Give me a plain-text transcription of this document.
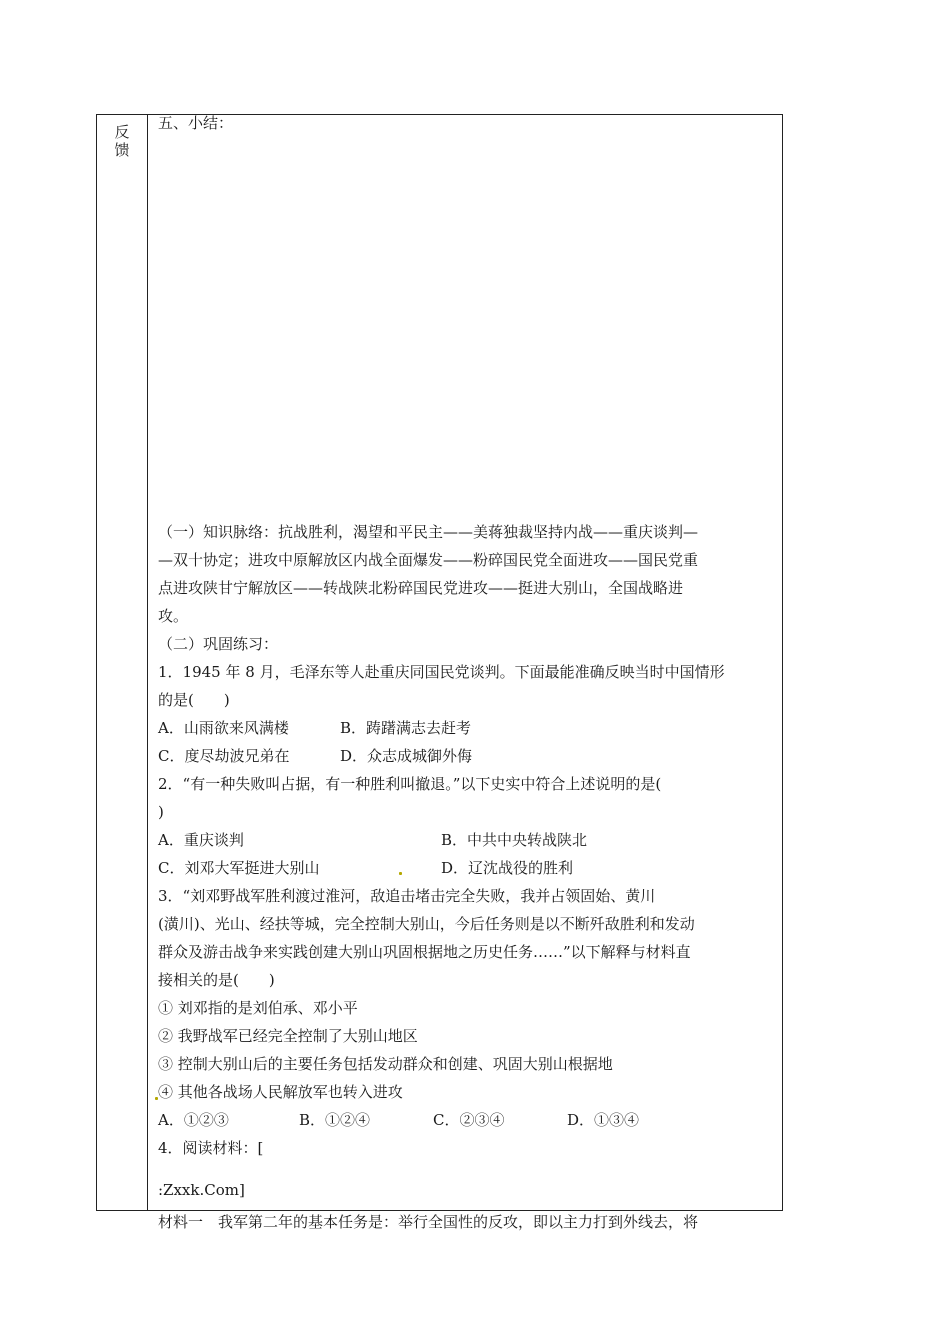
反
馈
五、小结：
（一）知识脉络：抗战胜利，渴望和平民主——美蒋独裁坚持内战——重庆谈判—
—双十协定；进攻中原解放区内战全面爆发——粉碎国民党全面进攻——国民党重
点进攻陕甘宁解放区——转战陕北粉碎国民党进攻——挺进大别山，全国战略进
攻。
（二）巩固练习：
1．1945 年 8 月，毛泽东等人赴重庆同国民党谈判。下面最能准确反映当时中国情形
的是(　　)
A．山雨欲来风满楼	B．踌躇满志去赶考
C．度尽劫波兄弟在	D．众志成城御外侮
2．“有一种失败叫占据，有一种胜利叫撤退。”以下史实中符合上述说明的是(
)
A．重庆谈判	B．中共中央转战陕北
C．刘邓大军挺进大别山	D．辽沈战役的胜利
3．“刘邓野战军胜利渡过淮河，敌追击堵击完全失败，我并占领固始、黄川
(潢川)、光山、经扶等城，完全控制大别山，今后任务则是以不断歼敌胜利和发动
群众及游击战争来实践创建大别山巩固根据地之历史任务……”以下解释与材料直
接相关的是(　　)
① 刘邓指的是刘伯承、邓小平
② 我野战军已经完全控制了大别山地区
③ 控制大别山后的主要任务包括发动群众和创建、巩固大别山根据地
④ 其他各战场人民解放军也转入进攻
A．①②③	B．①②④	C．②③④	D．①③④
4．阅读材料：[
:Zxxk.Com]
材料一　我军第二年的基本任务是：举行全国性的反攻，即以主力打到外线去，将
